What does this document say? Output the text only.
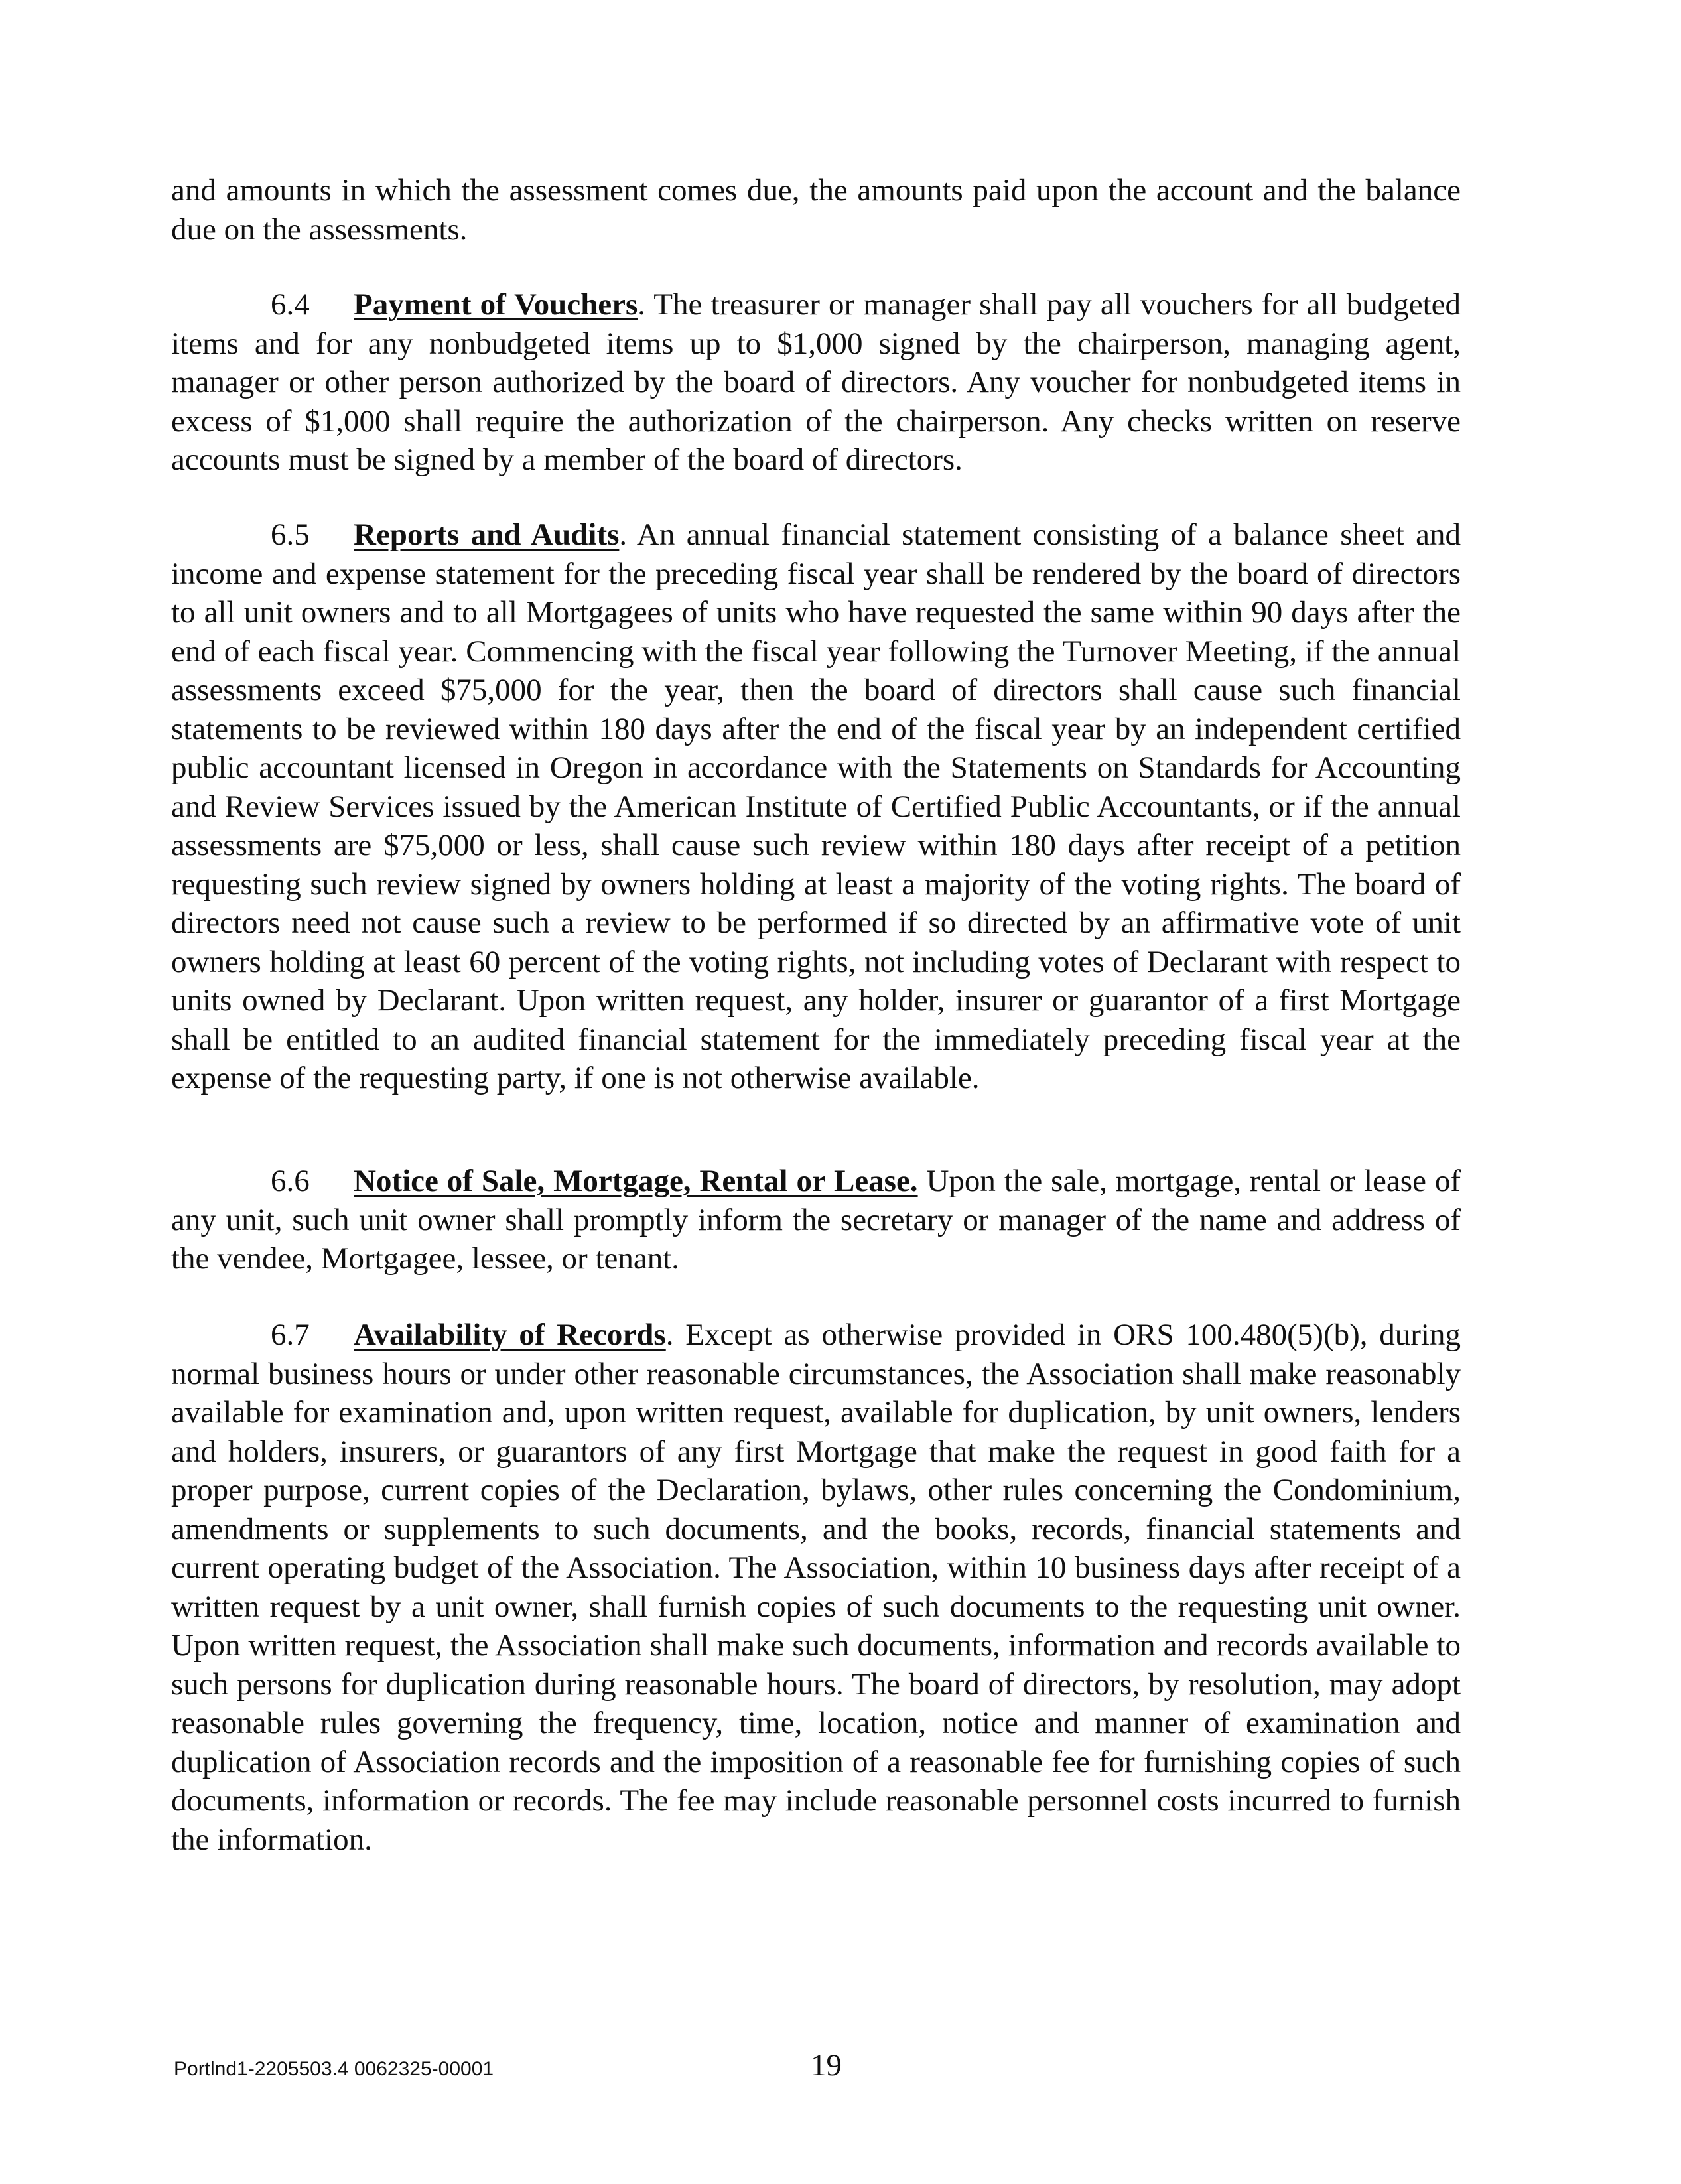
and amounts in which the assessment comes due, the amounts paid upon the account and the balance due on the assessments.

6.4 Payment of Vouchers. The treasurer or manager shall pay all vouchers for all budgeted items and for any nonbudgeted items up to $1,000 signed by the chairperson, managing agent, manager or other person authorized by the board of directors. Any voucher for nonbudgeted items in excess of $1,000 shall require the authorization of the chairperson. Any checks written on reserve accounts must be signed by a member of the board of directors.

6.5 Reports and Audits. An annual financial statement consisting of a balance sheet and income and expense statement for the preceding fiscal year shall be rendered by the board of directors to all unit owners and to all Mortgagees of units who have requested the same within 90 days after the end of each fiscal year. Commencing with the fiscal year following the Turnover Meeting, if the annual assessments exceed $75,000 for the year, then the board of directors shall cause such financial statements to be reviewed within 180 days after the end of the fiscal year by an independent certified public accountant licensed in Oregon in accordance with the Statements on Standards for Accounting and Review Services issued by the American Institute of Certified Public Accountants, or if the annual assessments are $75,000 or less, shall cause such review within 180 days after receipt of a petition requesting such review signed by owners holding at least a majority of the voting rights. The board of directors need not cause such a review to be performed if so directed by an affirmative vote of unit owners holding at least 60 percent of the voting rights, not including votes of Declarant with respect to units owned by Declarant. Upon written request, any holder, insurer or guarantor of a first Mortgage shall be entitled to an audited financial statement for the immediately preceding fiscal year at the expense of the requesting party, if one is not otherwise available.

6.6 Notice of Sale, Mortgage, Rental or Lease. Upon the sale, mortgage, rental or lease of any unit, such unit owner shall promptly inform the secretary or manager of the name and address of the vendee, Mortgagee, lessee, or tenant.

6.7 Availability of Records. Except as otherwise provided in ORS 100.480(5)(b), during normal business hours or under other reasonable circumstances, the Association shall make reasonably available for examination and, upon written request, available for duplication, by unit owners, lenders and holders, insurers, or guarantors of any first Mortgage that make the request in good faith for a proper purpose, current copies of the Declaration, bylaws, other rules concerning the Condominium, amendments or supplements to such documents, and the books, records, financial statements and current operating budget of the Association. The Association, within 10 business days after receipt of a written request by a unit owner, shall furnish copies of such documents to the requesting unit owner. Upon written request, the Association shall make such documents, information and records available to such persons for duplication during reasonable hours. The board of directors, by resolution, may adopt reasonable rules governing the frequency, time, location, notice and manner of examination and duplication of Association records and the imposition of a reasonable fee for furnishing copies of such documents, information or records. The fee may include reasonable personnel costs incurred to furnish the information.

Portlnd1-2205503.4 0062325-00001	19
